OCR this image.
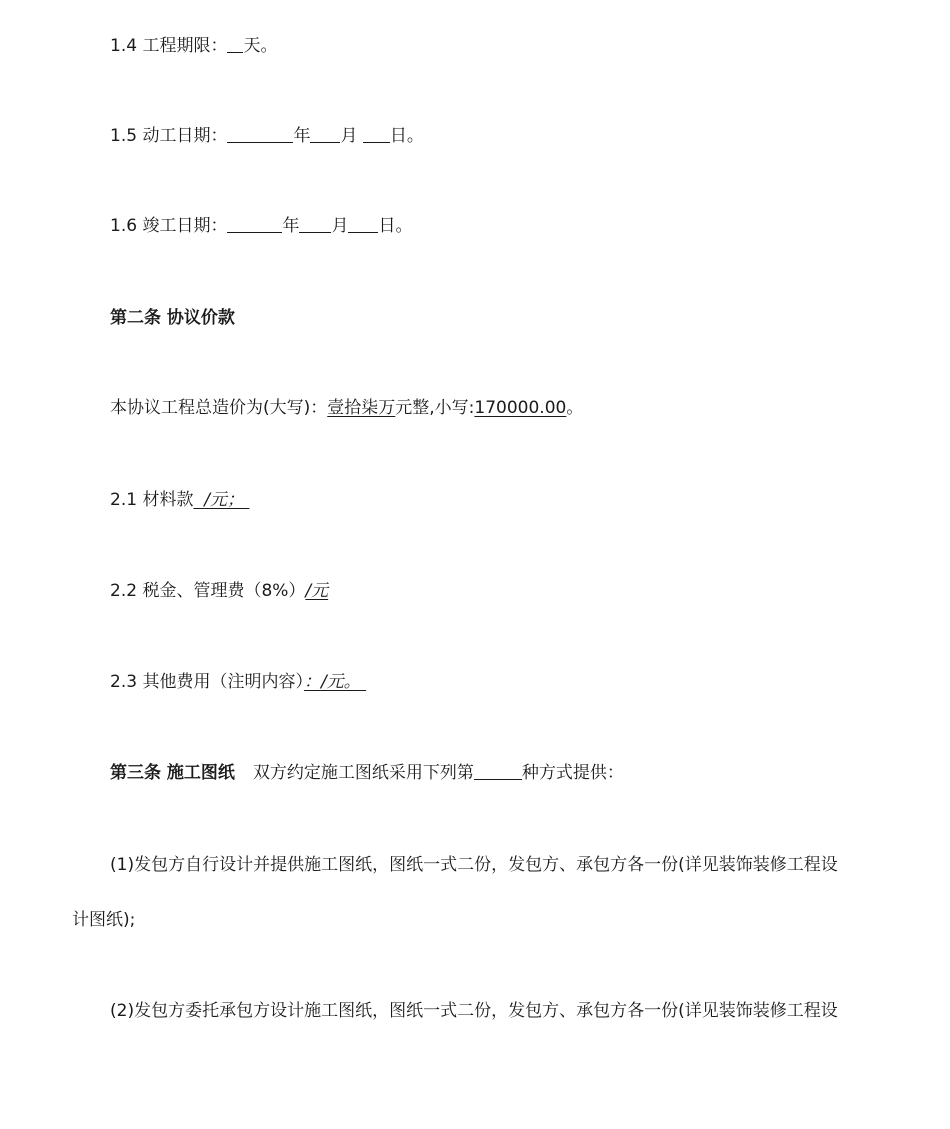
1.4 工程期限： 天。
1.5 动工日期：	年 月 日。
1.6 竣工日期：	年 月 日。
第二条 协议价款
本协议工程总造价为(大写)：壹拾柒万元整,小写:170000.00。
2.1 材料款 /元；
2.2 税金、管理费（8%）/元
2.3 其他费用（注明内容）：/元。
第三条 施工图纸 双方约定施工图纸采用下列第	种方式提供：
(1)发包方自行设计并提供施工图纸，图纸一式二份，发包方、承包方各一份(详见装饰装修工程设
计图纸);
(2)发包方委托承包方设计施工图纸，图纸一式二份，发包方、承包方各一份(详见装饰装修工程设
